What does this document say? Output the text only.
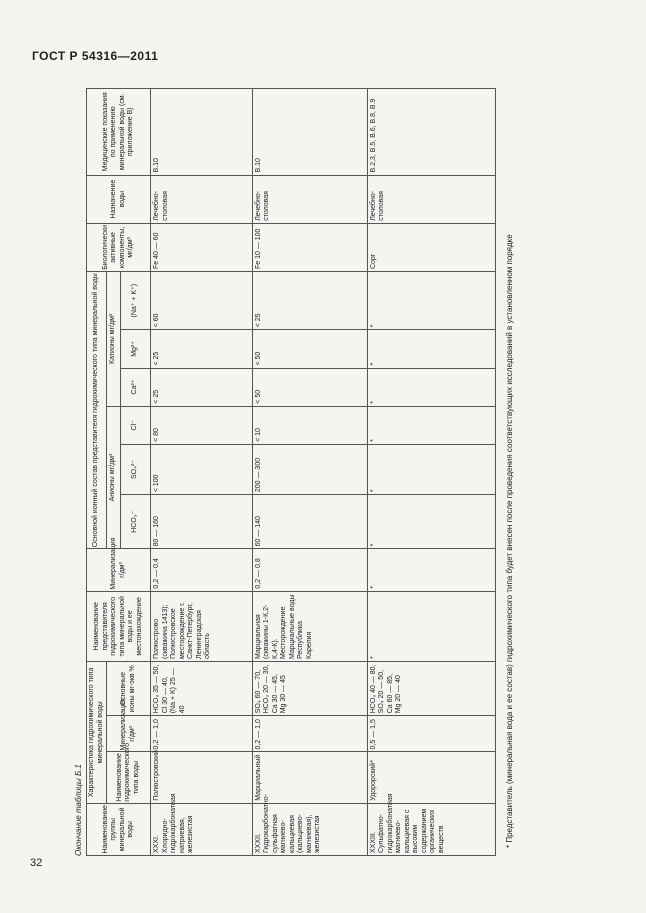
ГОСТ Р 54316—2011
32
Окончание таблицы Б.1	Наименование группы минеральной воды	Характеристика гидрохимического типа минеральной воды			Наименование представителя гидрохимического типа минеральной воды и ее местонахождение	Минерализация г/дм³	Основной ионный состав представителя гидрохимического типа минеральной воды						Биологически активные компоненты, мг/дм³	Назначение воды	Медицинские показания по применению минеральной воды (см. приложение В)
	Наименование гидрохимического типа воды	Минерализация г/дм³	Основные ионы мг-экв %			Анионы мг/дм³			Катионы мг/дм³					
						HCO₃⁻	SO₄²⁻	Cl⁻	Ca²⁺	Mg²⁺	(Na⁺ + K⁺)			
XXXI. Хлоридно-гидрокарбонатная натриевая, железистая	Полюстровский	0,2 — 1,0	HCO₃ 35 — 50, Cl 30 — 40, (Na + K) 25 — 40	Полюстрово (скважина 1413); Полюстровское месторождение г. Санкт-Петербург, Ленинградская область	0,2 — 0,4	80 — 160	< 100	< 80	< 25	< 25	< 60	Fe 40 — 60	Лечебно-столовая	В.10
XXXII. Гидрокарбонатно-сульфатная магниево-кальциевая (кальциево-магниевая), железистая	Марциальный	0,2 — 1,0	SO₄ 60 — 70, HCO₃ 20 — 30, Ca 30 — 45, Mg 30 — 45	Марциальная (скважины 1-К,2-К,4-К). Месторождение Марциальные воды Республика Карелия	0,2 — 0,8	60 — 140	200 — 300	< 10	< 50	< 50	< 25	Fe 10 — 100	Лечебно-столовая	В.10
XXXIII. Сульфатно-гидрокарбонатная магниево-кальциевая с высоким содержанием органических веществ	Удорорский*	0,5 — 1,5	HCO₃ 40 — 80, SO₄ 20 — 50, Ca 60 — 85, Mg 20 — 40	*	*	*	*	*	*	*	*	Cорг	Лечебно-столовая	В.2,3, В.5, В.6, В.8, В.9
* Представитель (минеральная вода и ее состав) гидрохимического типа будет внесен после проведения соответствующих исследований в установленном порядке
